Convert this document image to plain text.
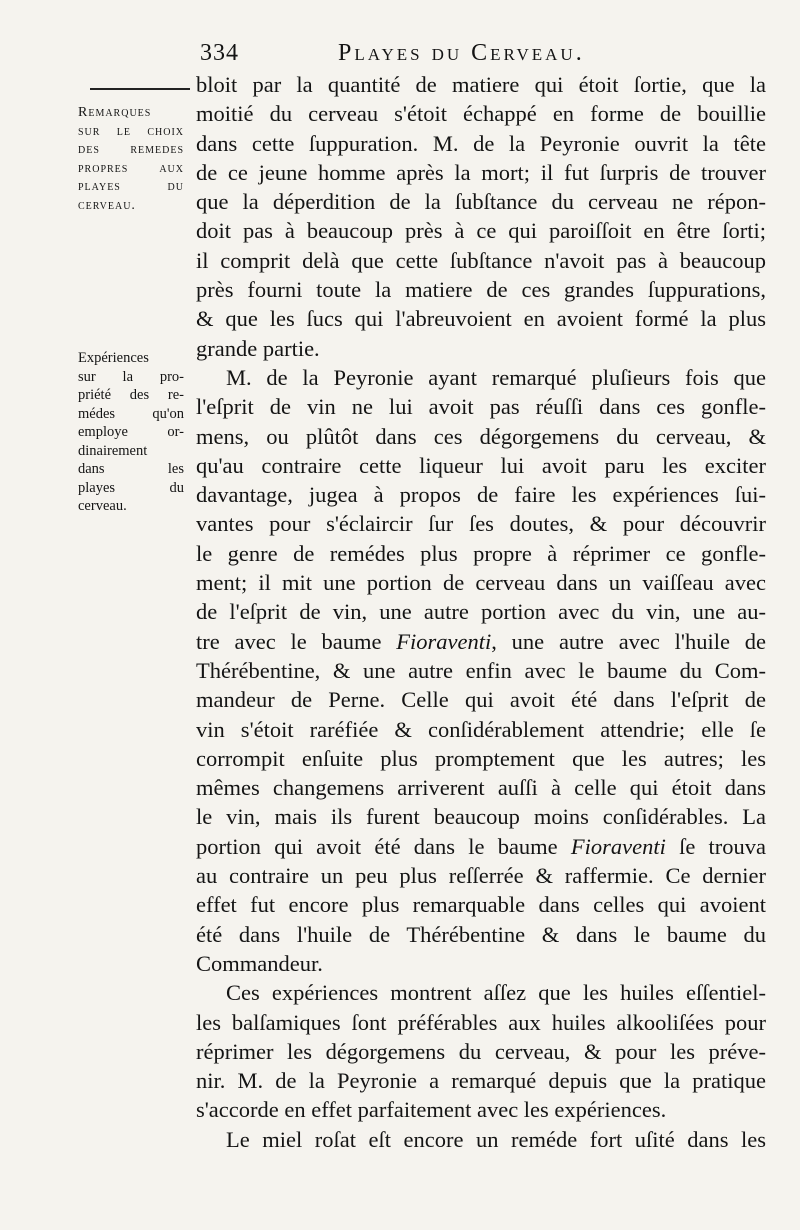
334	Playes du Cerveau.
Remarques
sur le choix
des remedes
propres aux
playes du
cerveau.
Expériences
sur la pro-
priété des re-
médes qu'on
employe or-
dinairement
dans les
playes du
cerveau.
bloit par la quantité de matiere qui étoit ſortie, que la
moitié du cerveau s'étoit échappé en forme de bouillie
dans cette ſuppuration. M. de la Peyronie ouvrit la tête
de ce jeune homme après la mort; il fut ſurpris de trouver
que la déperdition de la ſubſtance du cerveau ne répon-
doit pas à beaucoup près à ce qui paroiſſoit en être ſorti;
il comprit delà que cette ſubſtance n'avoit pas à beaucoup
près fourni toute la matiere de ces grandes ſuppurations,
& que les ſucs qui l'abreuvoient en avoient formé la plus
grande partie.
M. de la Peyronie ayant remarqué pluſieurs fois que
l'eſprit de vin ne lui avoit pas réuſſi dans ces gonfle-
mens, ou plûtôt dans ces dégorgemens du cerveau, &
qu'au contraire cette liqueur lui avoit paru les exciter
davantage, jugea à propos de faire les expériences ſui-
vantes pour s'éclaircir ſur ſes doutes, & pour découvrir
le genre de remédes plus propre à réprimer ce gonfle-
ment; il mit une portion de cerveau dans un vaiſſeau avec
de l'eſprit de vin, une autre portion avec du vin, une au-
tre avec le baume Fioraventi, une autre avec l'huile de
Thérébentine, & une autre enfin avec le baume du Com-
mandeur de Perne. Celle qui avoit été dans l'eſprit de
vin s'étoit raréfiée & conſidérablement attendrie; elle ſe
corrompit enſuite plus promptement que les autres; les
mêmes changemens arriverent auſſi à celle qui étoit dans
le vin, mais ils furent beaucoup moins conſidérables. La
portion qui avoit été dans le baume Fioraventi ſe trouva
au contraire un peu plus reſſerrée & raffermie. Ce dernier
effet fut encore plus remarquable dans celles qui avoient
été dans l'huile de Thérébentine & dans le baume du
Commandeur.
Ces expériences montrent aſſez que les huiles eſſentiel-
les balſamiques ſont préférables aux huiles alkooliſées pour
réprimer les dégorgemens du cerveau, & pour les préve-
nir. M. de la Peyronie a remarqué depuis que la pratique
s'accorde en effet parfaitement avec les expériences.
Le miel roſat eſt encore un reméde fort uſité dans les
